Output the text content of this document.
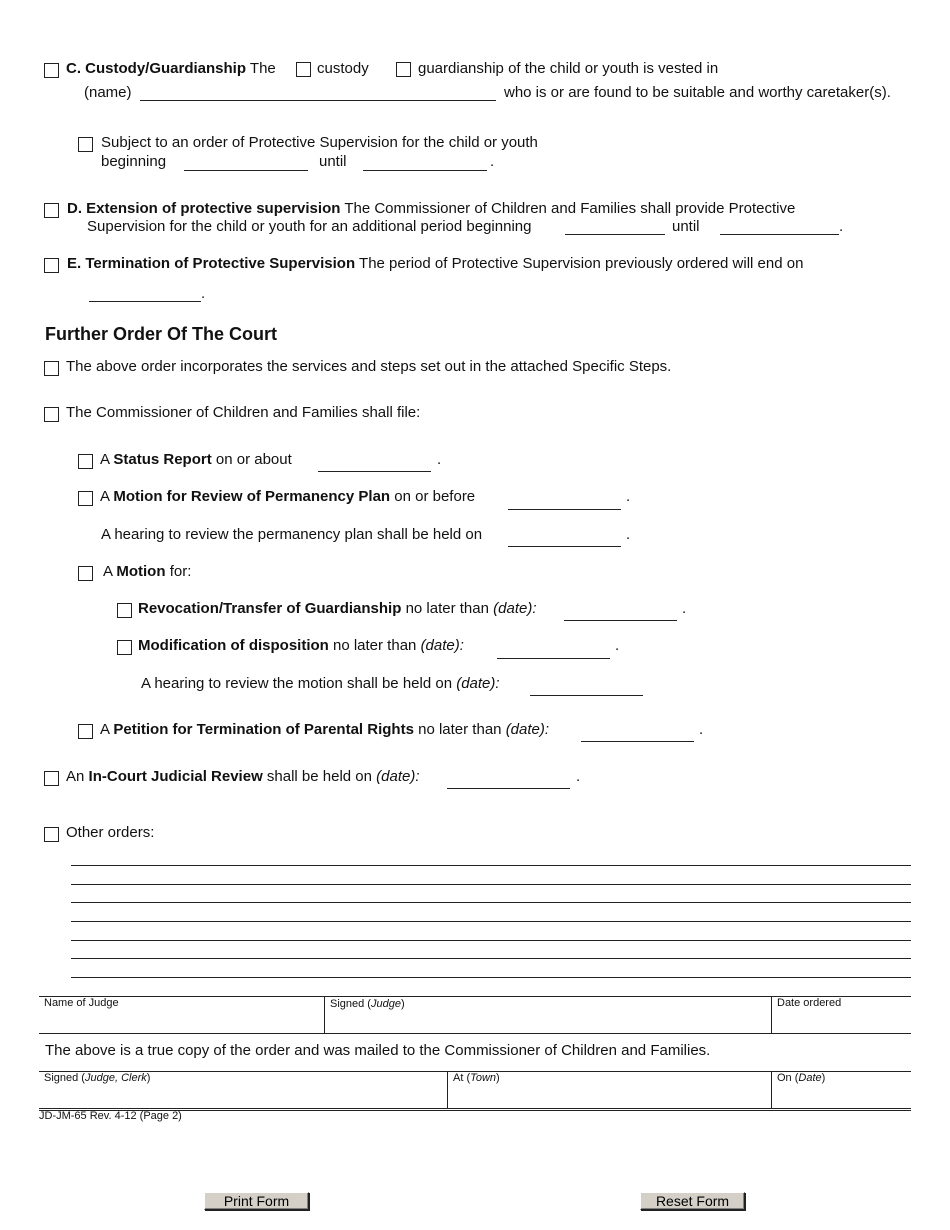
C. Custody/Guardianship The	custody	guardianship of the child or youth is vested in
(name)	who is or are found to be suitable and worthy caretaker(s).
Subject to an order of Protective Supervision for the child or youth
beginning	until	.
D. Extension of protective supervision The Commissioner of Children and Families shall provide Protective
Supervision for the child or youth for an additional period beginning	until	.
E. Termination of Protective Supervision The period of Protective Supervision previously ordered will end on
.
Further Order Of The Court
The above order incorporates the services and steps set out in the attached Specific Steps.
The Commissioner of Children and Families shall file:
A Status Report on or about	.
A Motion for Review of Permanency Plan on or before	.
A hearing to review the permanency plan shall be held on	.
A Motion for:
Revocation/Transfer of Guardianship no later than (date):	.
Modification of disposition no later than (date):	.
A hearing to review the motion shall be held on (date):
A Petition for Termination of Parental Rights no later than (date):	.
An In-Court Judicial Review shall be held on (date):	.
Other orders:
Name of Judge	Signed (Judge)	Date ordered
The above is a true copy of the order and was mailed to the Commissioner of Children and Families.
Signed (Judge, Clerk)	At (Town)	On (Date)
JD-JM-65 Rev. 4-12 (Page 2)
Print Form	Reset Form
